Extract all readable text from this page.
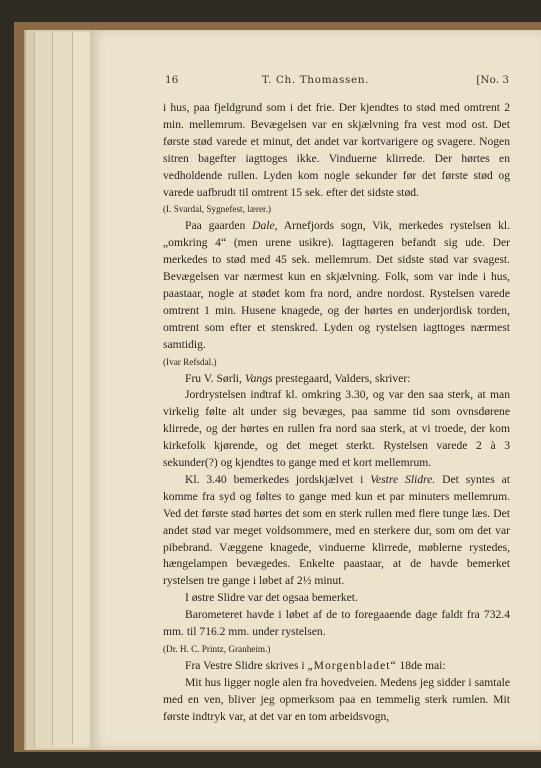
16	T. Ch. Thomassen.	[No. 3

i hus, paa fjeldgrund som i det frie. Der kjendtes to stød med omtrent 2 min. mellemrum. Bevægelsen var en skjælvning fra vest mod ost. Det første stød varede et minut, det andet var kortvarigere og svagere. Nogen sitren bagefter iagttoges ikke. Vinduerne klirrede. Der hørtes en vedholdende rullen. Lyden kom nogle sekunder før det første stød og varede uafbrudt til omtrent 15 sek. efter det sidste stød.

(I. Svardal, Sygnefest, lærer.)

Paa gaarden Dale, Arnefjords sogn, Vik, merkedes rystelsen kl. „omkring 4“ (men urene usikre). Iagttageren befandt sig ude. Der merkedes to stød med 45 sek. mellemrum. Det sidste stød var svagest. Bevægelsen var nærmest kun en skjælvning. Folk, som var inde i hus, paastaar, nogle at stødet kom fra nord, andre nordost. Rystelsen varede omtrent 1 min. Husene knagede, og der hørtes en underjordisk torden, omtrent som efter et stenskred. Lyden og rystelsen iagttoges nærmest samtidig.

(Ivar Refsdal.)

Fru V. Sørli, Vangs prestegaard, Valders, skriver:

Jordrystelsen indtraf kl. omkring 3.30, og var den saa sterk, at man virkelig følte alt under sig bevæges, paa samme tid som ovnsdørene klirrede, og der hørtes en rullen fra nord saa sterk, at vi troede, der kom kirkefolk kjørende, og det meget sterkt. Rystelsen varede 2 à 3 sekunder(?) og kjendtes to gange med et kort mellemrum.

Kl. 3.40 bemerkedes jordskjælvet i Vestre Slidre. Det syntes at komme fra syd og føltes to gange med kun et par minuters mellemrum. Ved det første stød hørtes det som en sterk rullen med flere tunge læs. Det andet stød var meget voldsommere, med en sterkere dur, som om det var pibebrand. Væggene knagede, vinduerne klirrede, møblerne rystedes, hængelampen bevægedes. Enkelte paastaar, at de havde bemerket rystelsen tre gange i løbet af 2½ minut.

I østre Slidre var det ogsaa bemerket.

Barometeret havde i løbet af de to foregaaende dage faldt fra 732.4 mm. til 716.2 mm. under rystelsen.

(Dr. H. C. Printz, Granheim.)

Fra Vestre Slidre skrives i „Morgenbladet“ 18de mai:

Mit hus ligger nogle alen fra hovedveien. Medens jeg sidder i samtale med en ven, bliver jeg opmerksom paa en temmelig sterk rumlen. Mit første indtryk var, at det var en tom arbeidsvogn,
